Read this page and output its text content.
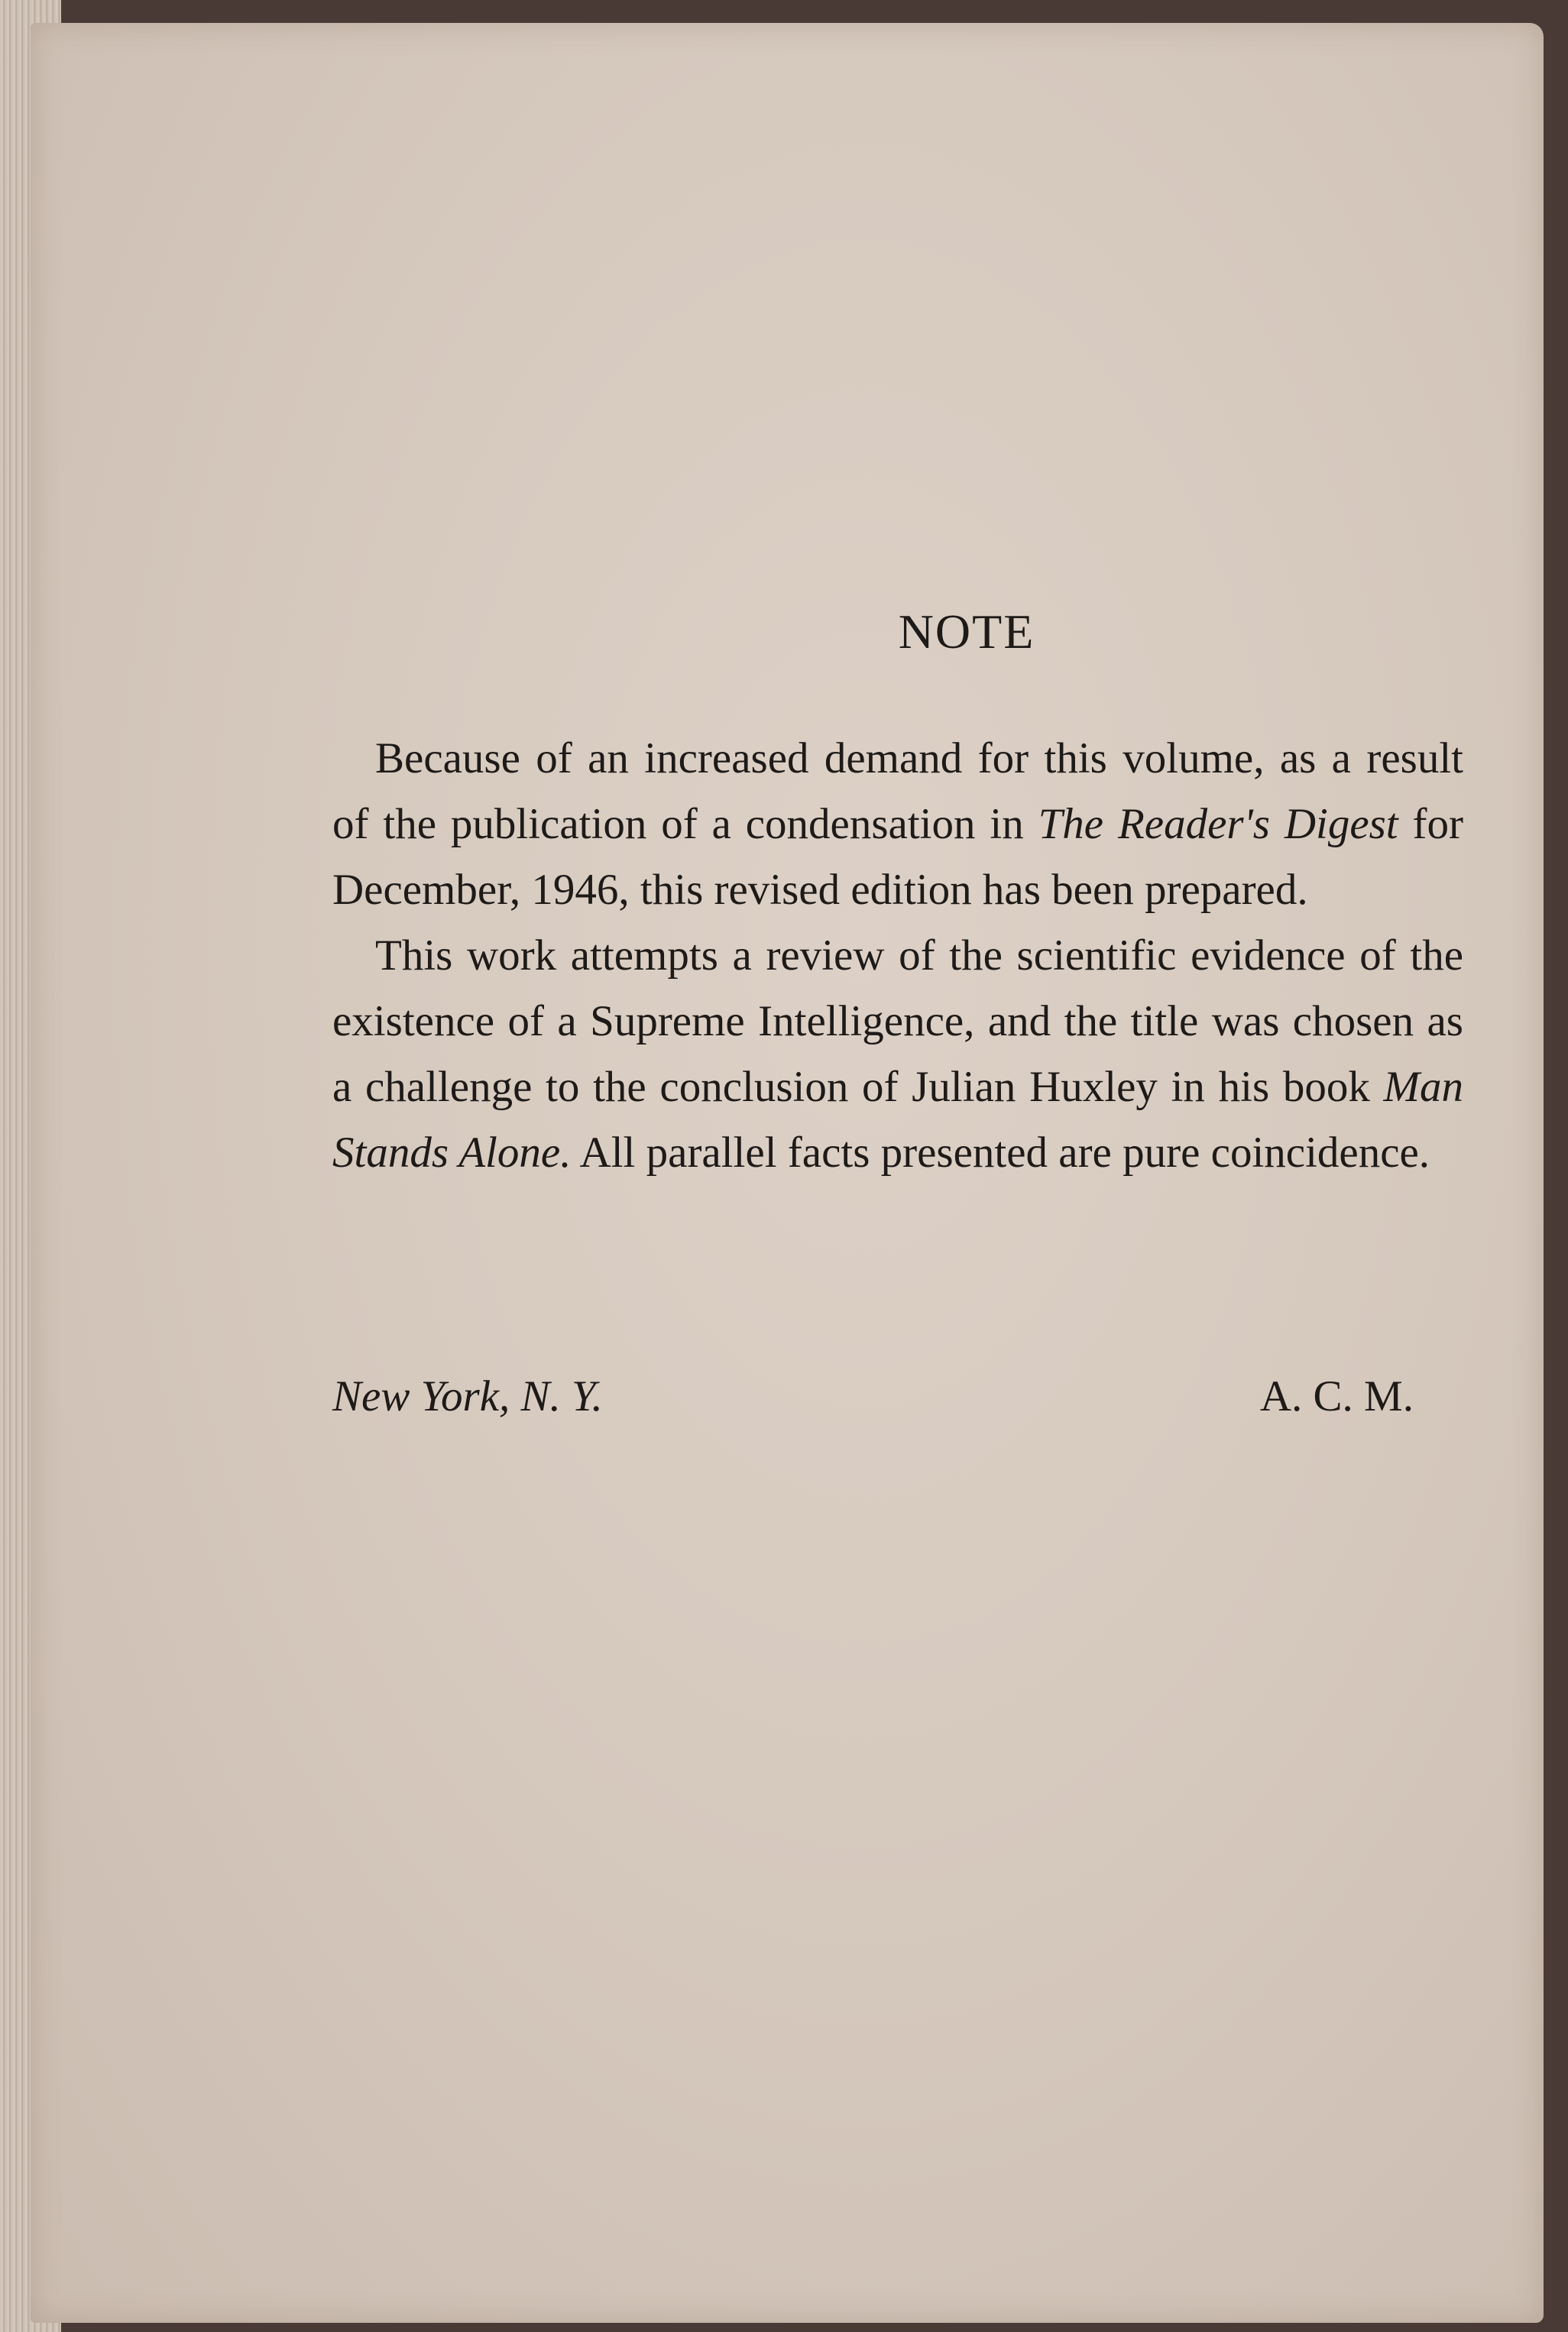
NOTE

Because of an increased demand for this volume, as a result of the publication of a condensation in The Reader's Digest for December, 1946, this revised edition has been prepared.

This work attempts a review of the scientific evidence of the existence of a Supreme Intelligence, and the title was chosen as a challenge to the conclusion of Julian Huxley in his book Man Stands Alone. All parallel facts presented are pure coincidence.

New York, N. Y.	A. C. M.
